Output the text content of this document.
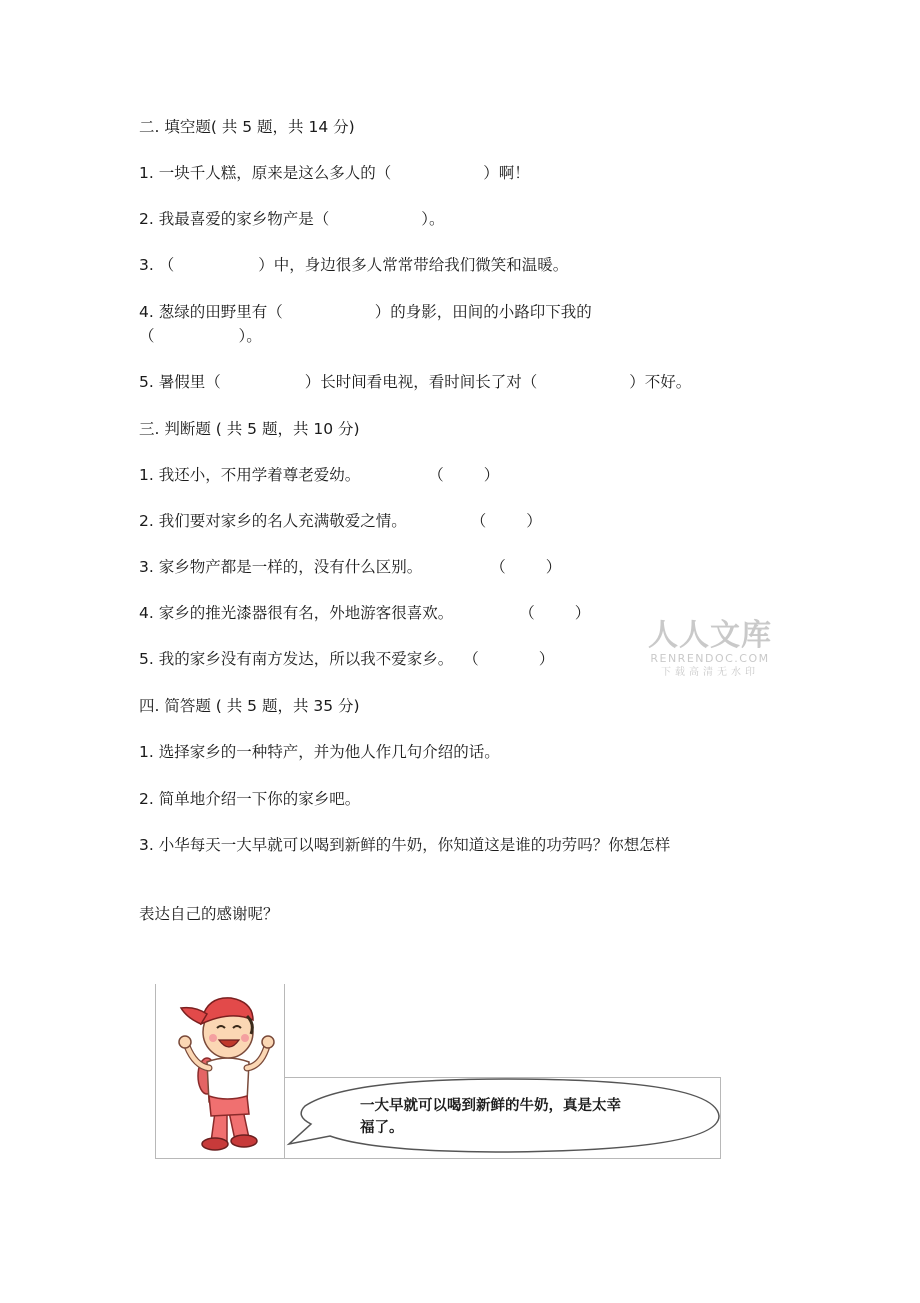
二. 填空题( 共 5 题，共 14 分)
1. 一块千人糕，原来是这么多人的（	）啊！
2. 我最喜爱的家乡物产是（	）。
3. （	）中，身边很多人常常带给我们微笑和温暖。
4. 葱绿的田野里有（	）的身影，田间的小路印下我的
（	）。
5. 暑假里（	）长时间看电视，看时间长了对（	）不好。
三. 判断题 ( 共 5 题，共 10 分)
1. 我还小，不用学着尊老爱幼。	（	）
2. 我们要对家乡的名人充满敬爱之情。	（	）
3. 家乡物产都是一样的，没有什么区别。	（	）
4. 家乡的推光漆器很有名，外地游客很喜欢。	（	）
5. 我的家乡没有南方发达，所以我不爱家乡。 （	）
人人文库
RENRENDOC.COM
下载高清无水印
四. 简答题 ( 共 5 题，共 35 分)
1. 选择家乡的一种特产，并为他人作几句介绍的话。
2. 简单地介绍一下你的家乡吧。
3. 小华每天一大早就可以喝到新鲜的牛奶，你知道这是谁的功劳吗？你想怎样
表达自己的感谢呢？
一大早就可以喝到新鲜的牛奶，真是太幸
福了。
